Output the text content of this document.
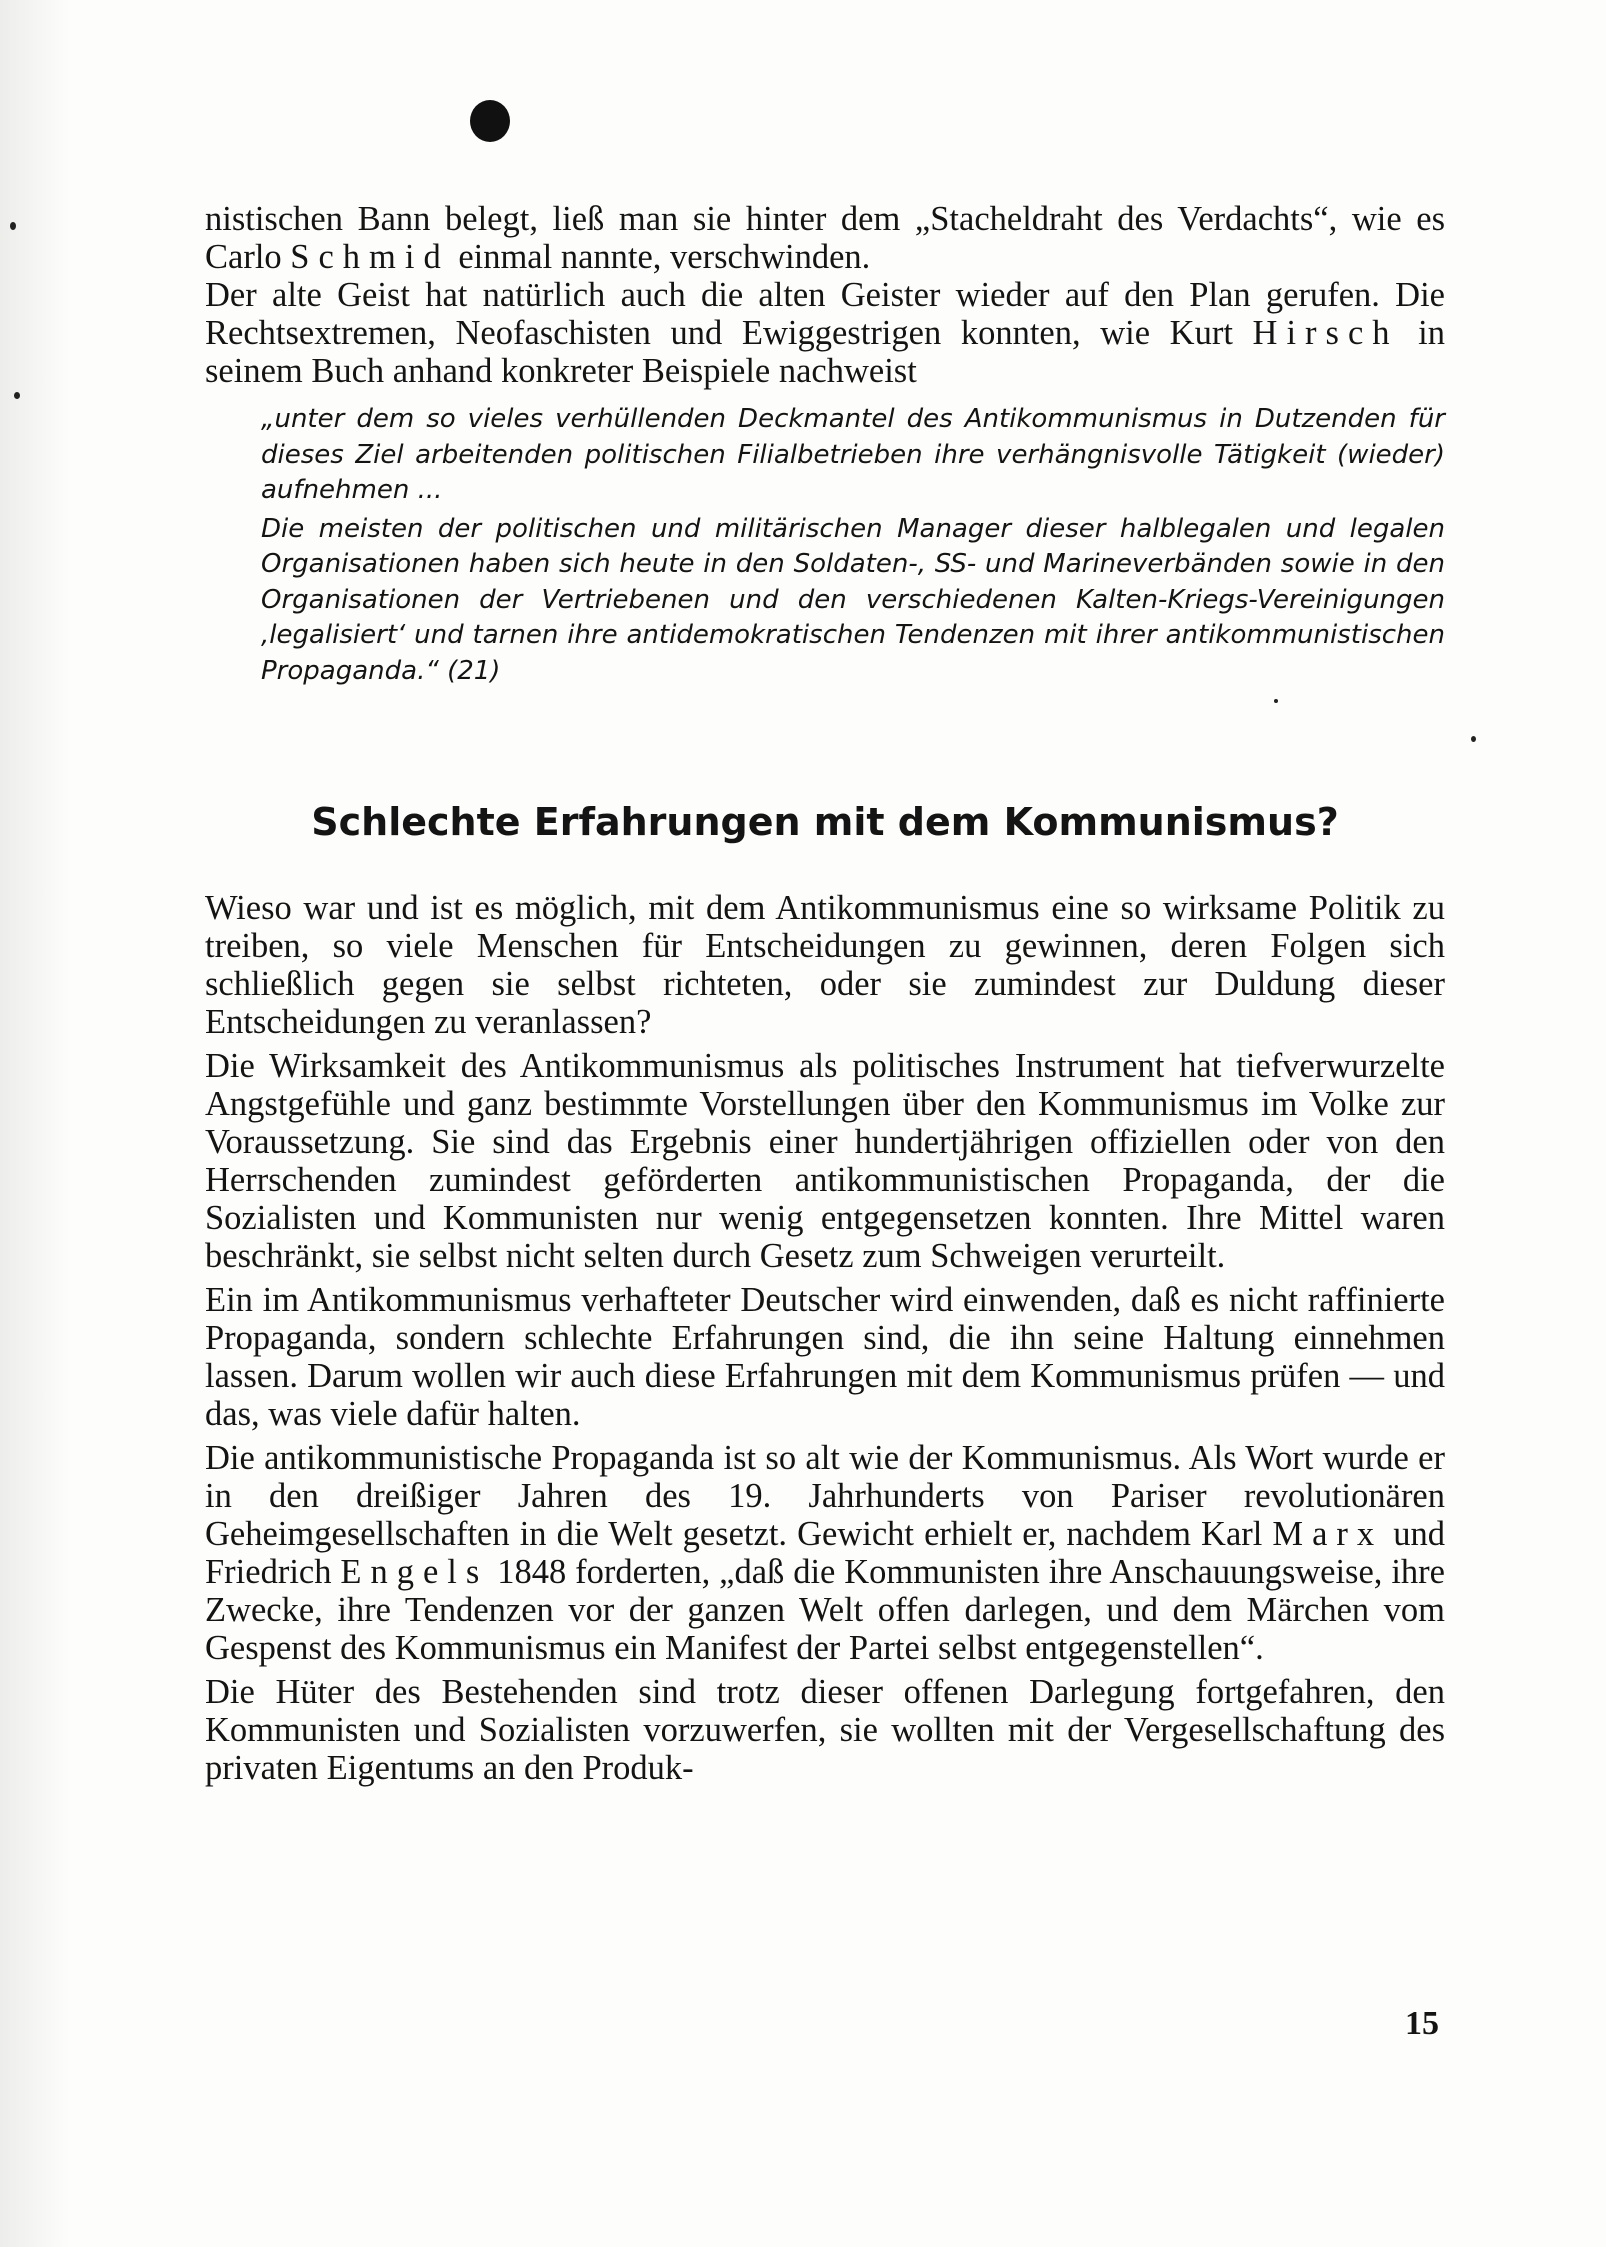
nistischen Bann belegt, ließ man sie hinter dem „Stacheldraht des Verdachts“, wie es Carlo Schmid einmal nannte, verschwinden.

Der alte Geist hat natürlich auch die alten Geister wieder auf den Plan gerufen. Die Rechtsextremen, Neofaschisten und Ewiggestrigen konnten, wie Kurt Hirsch in seinem Buch anhand konkreter Beispiele nachweist

„unter dem so vieles verhüllenden Deckmantel des Antikommunismus in Dutzenden für dieses Ziel arbeitenden politischen Filialbetrieben ihre verhängnisvolle Tätigkeit (wieder) aufnehmen ...

Die meisten der politischen und militärischen Manager dieser halblegalen und legalen Organisationen haben sich heute in den Soldaten-, SS- und Marineverbänden sowie in den Organisationen der Vertriebenen und den verschiedenen Kalten-Kriegs-Vereinigungen ‚legalisiert‘ und tarnen ihre antidemokratischen Tendenzen mit ihrer antikommunistischen Propaganda.“ (21)

Schlechte Erfahrungen mit dem Kommunismus?

Wieso war und ist es möglich, mit dem Antikommunismus eine so wirksame Politik zu treiben, so viele Menschen für Entscheidungen zu gewinnen, deren Folgen sich schließlich gegen sie selbst richteten, oder sie zumindest zur Duldung dieser Entscheidungen zu veranlassen?

Die Wirksamkeit des Antikommunismus als politisches Instrument hat tiefverwurzelte Angstgefühle und ganz bestimmte Vorstellungen über den Kommunismus im Volke zur Voraussetzung. Sie sind das Ergebnis einer hundertjährigen offiziellen oder von den Herrschenden zumindest geförderten antikommunistischen Propaganda, der die Sozialisten und Kommunisten nur wenig entgegensetzen konnten. Ihre Mittel waren beschränkt, sie selbst nicht selten durch Gesetz zum Schweigen verurteilt.

Ein im Antikommunismus verhafteter Deutscher wird einwenden, daß es nicht raffinierte Propaganda, sondern schlechte Erfahrungen sind, die ihn seine Haltung einnehmen lassen. Darum wollen wir auch diese Erfahrungen mit dem Kommunismus prüfen — und das, was viele dafür halten.

Die antikommunistische Propaganda ist so alt wie der Kommunismus. Als Wort wurde er in den dreißiger Jahren des 19. Jahrhunderts von Pariser revolutionären Geheimgesellschaften in die Welt gesetzt. Gewicht erhielt er, nachdem Karl Marx und Friedrich Engels 1848 forderten, „daß die Kommunisten ihre Anschauungsweise, ihre Zwecke, ihre Tendenzen vor der ganzen Welt offen darlegen, und dem Märchen vom Gespenst des Kommunismus ein Manifest der Partei selbst entgegenstellen“.

Die Hüter des Bestehenden sind trotz dieser offenen Darlegung fortgefahren, den Kommunisten und Sozialisten vorzuwerfen, sie wollten mit der Vergesellschaftung des privaten Eigentums an den Produk-

15
